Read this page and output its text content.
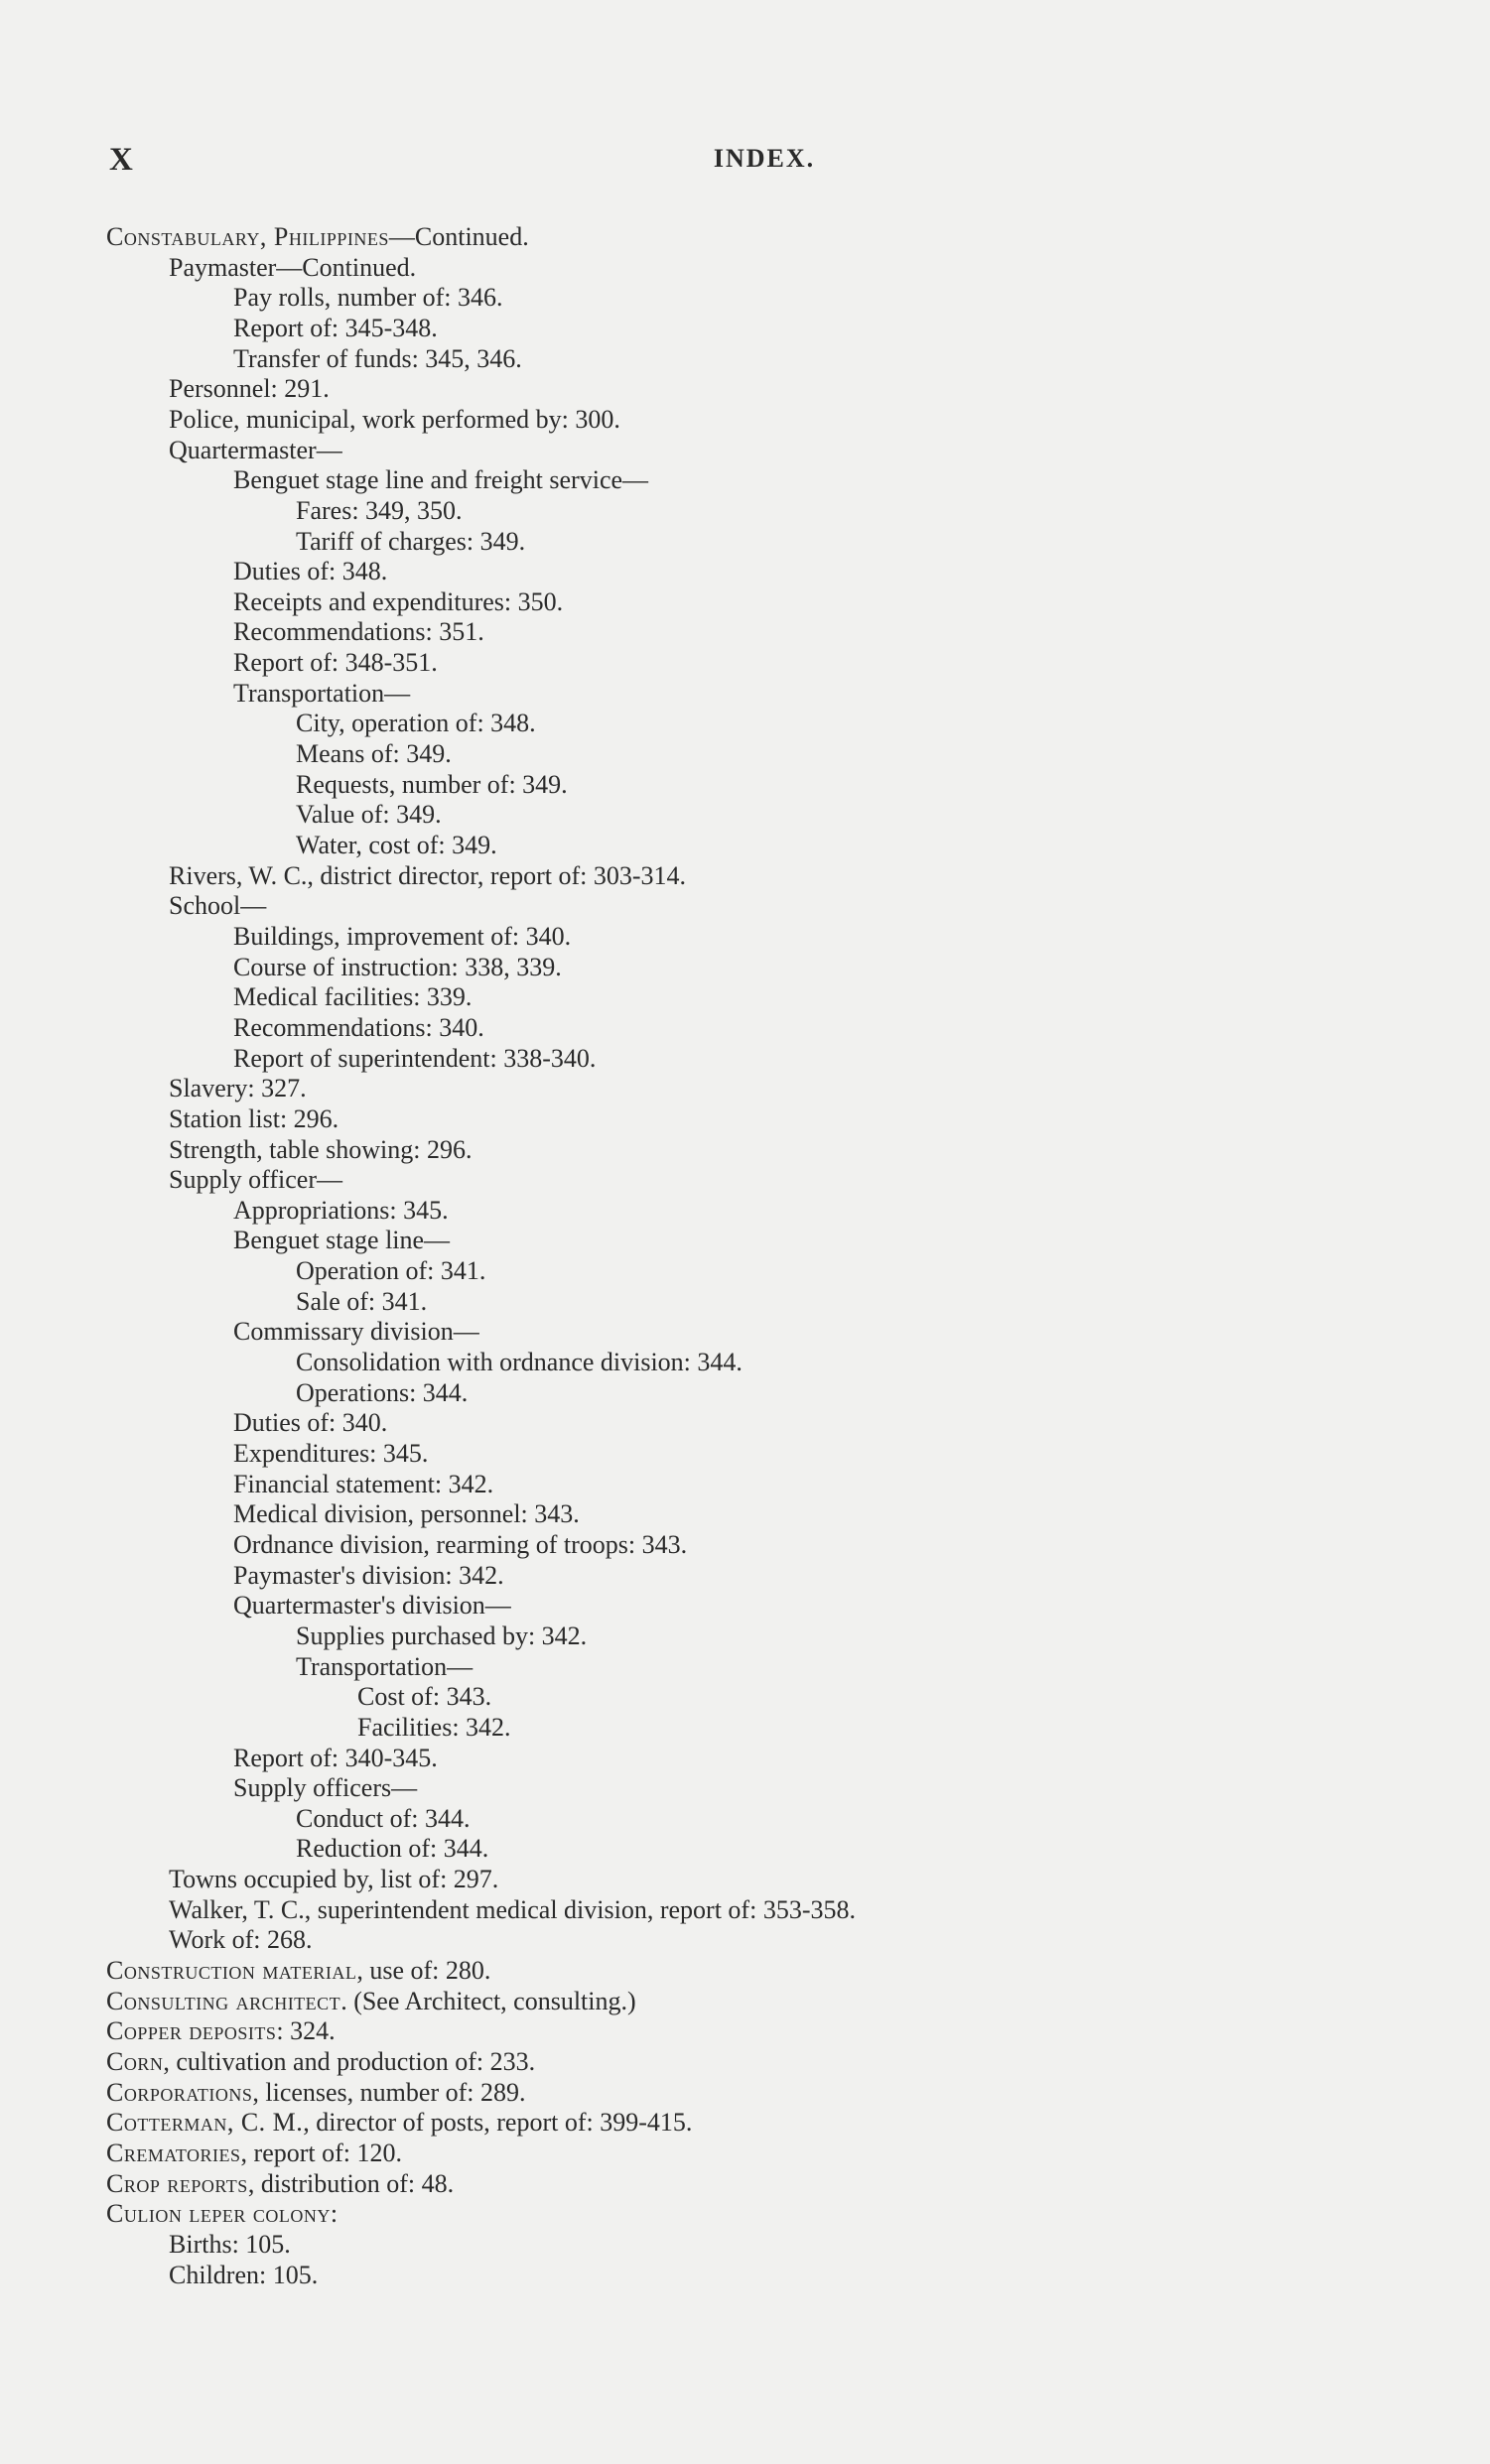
X	INDEX.
Constabulary, Philippines—Continued.
Paymaster—Continued.
Pay rolls, number of: 346.
Report of: 345-348.
Transfer of funds: 345, 346.
Personnel: 291.
Police, municipal, work performed by: 300.
Quartermaster—
Benguet stage line and freight service—
Fares: 349, 350.
Tariff of charges: 349.
Duties of: 348.
Receipts and expenditures: 350.
Recommendations: 351.
Report of: 348-351.
Transportation—
City, operation of: 348.
Means of: 349.
Requests, number of: 349.
Value of: 349.
Water, cost of: 349.
Rivers, W. C., district director, report of: 303-314.
School—
Buildings, improvement of: 340.
Course of instruction: 338, 339.
Medical facilities: 339.
Recommendations: 340.
Report of superintendent: 338-340.
Slavery: 327.
Station list: 296.
Strength, table showing: 296.
Supply officer—
Appropriations: 345.
Benguet stage line—
Operation of: 341.
Sale of: 341.
Commissary division—
Consolidation with ordnance division: 344.
Operations: 344.
Duties of: 340.
Expenditures: 345.
Financial statement: 342.
Medical division, personnel: 343.
Ordnance division, rearming of troops: 343.
Paymaster's division: 342.
Quartermaster's division—
Supplies purchased by: 342.
Transportation—
Cost of: 343.
Facilities: 342.
Report of: 340-345.
Supply officers—
Conduct of: 344.
Reduction of: 344.
Towns occupied by, list of: 297.
Walker, T. C., superintendent medical division, report of: 353-358.
Work of: 268.
Construction material, use of: 280.
Consulting architect. (See Architect, consulting.)
Copper deposits: 324.
Corn, cultivation and production of: 233.
Corporations, licenses, number of: 289.
Cotterman, C. M., director of posts, report of: 399-415.
Crematories, report of: 120.
Crop reports, distribution of: 48.
Culion leper colony:
Births: 105.
Children: 105.
